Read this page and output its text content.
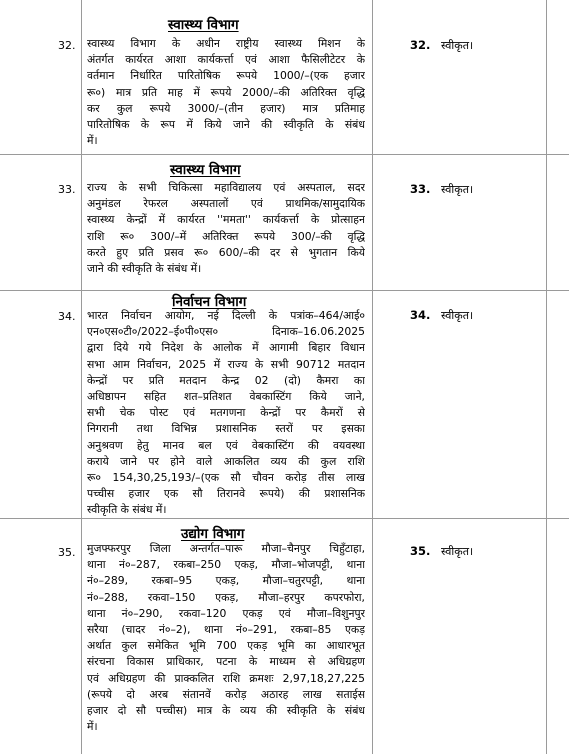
स्वास्थ्य विभाग
32. स्वास्थ्य विभाग के अधीन राष्ट्रीय स्वास्थ्य मिशन के
अंतर्गत कार्यरत आशा कार्यकर्त्ता एवं आशा फैसिलीटेटर के
वर्तमान निर्धारित पारितोषिक रूपये 1000/–(एक हजार
रू०) मात्र प्रति माह में रूपये 2000/–की अतिरिक्त वृद्धि
कर कुल रूपये 3000/–(तीन हजार) मात्र प्रतिमाह
पारितोषिक के रूप में किये जाने की स्वीकृति के संबंध
में।
32. स्वीकृत।
स्वास्थ्य विभाग
33. राज्य के सभी चिकित्सा महाविद्यालय एवं अस्पताल, सदर
अनुमंडल रेफरल अस्पतालों एवं प्राथमिक/सामुदायिक
स्वास्थ्य केन्द्रों में कार्यरत ''ममता'' कार्यकर्त्ता के प्रोत्साहन
राशि रू० 300/–में अतिरिक्त रूपये 300/–की वृद्धि
करते हुए प्रति प्रसव रू० 600/–की दर से भुगतान किये
जाने की स्वीकृति के संबंध में।
33. स्वीकृत।
निर्वाचन विभाग
34. भारत निर्वाचन आयोग, नई दिल्ली के पत्रांक–464/आई०
एन०एस०टी०/2022–ई०पी०एस० दिनाक–16.06.2025
द्वारा दिये गये निदेश के आलोक में आगामी बिहार विधान
सभा आम निर्वाचन, 2025 में राज्य के सभी 90712 मतदान
केन्द्रों पर प्रति मतदान केन्द्र 02 (दो) कैमरा का
अधिष्ठापन सहित शत–प्रतिशत वेबकास्टिंग किये जाने,
सभी चेक पोस्ट एवं मतगणना केन्द्रों पर कैमरों से
निगरानी तथा विभिन्न प्रशासनिक स्तरों पर इसका
अनुश्रवण हेतु मानव बल एवं वेबकास्टिंग की वयवस्था
कराये जाने पर होने वाले आकलित व्यय की कुल राशि
रू० 154,30,25,193/–(एक सौ चौवन करोड़ तीस लाख
पच्चीस हजार एक सौ तिरानवे रूपये) की प्रशासनिक
स्वीकृति के संबंध में।
34. स्वीकृत।
उद्योग विभाग
35. मुजफ्फरपुर जिला अन्तर्गत–पारू मौजा–चैनपुर चिहुँटाहा,
थाना नं०–287, रकबा–250 एकड़, मौजा–भोजपट्टी, थाना
नं०–289, रकबा–95 एकड़, मौजा–चतुरपट्टी, थाना
नं०–288, रकवा–150 एकड़, मौजा–हरपुर कपरफोरा,
थाना नं०–290, रकवा–120 एकड़ एवं मौजा–विशुनपुर
सरैया (चादर नं०–2), थाना नं०–291, रकबा–85 एकड़
अर्थात कुल समेकित भूमि 700 एकड़ भूमि का आधारभूत
संरचना विकास प्राधिकार, पटना के माध्यम से अधिग्रहण
एवं अधिग्रहण की प्राक्कलित राशि क्रमशः 2,97,18,27,225
(रूपये दो अरब संतानवें करोड़ अठारह लाख सताईस
हजार दो सौ पच्चीस) मात्र के व्यय की स्वीकृति के संबंध
में।
35. स्वीकृत।
